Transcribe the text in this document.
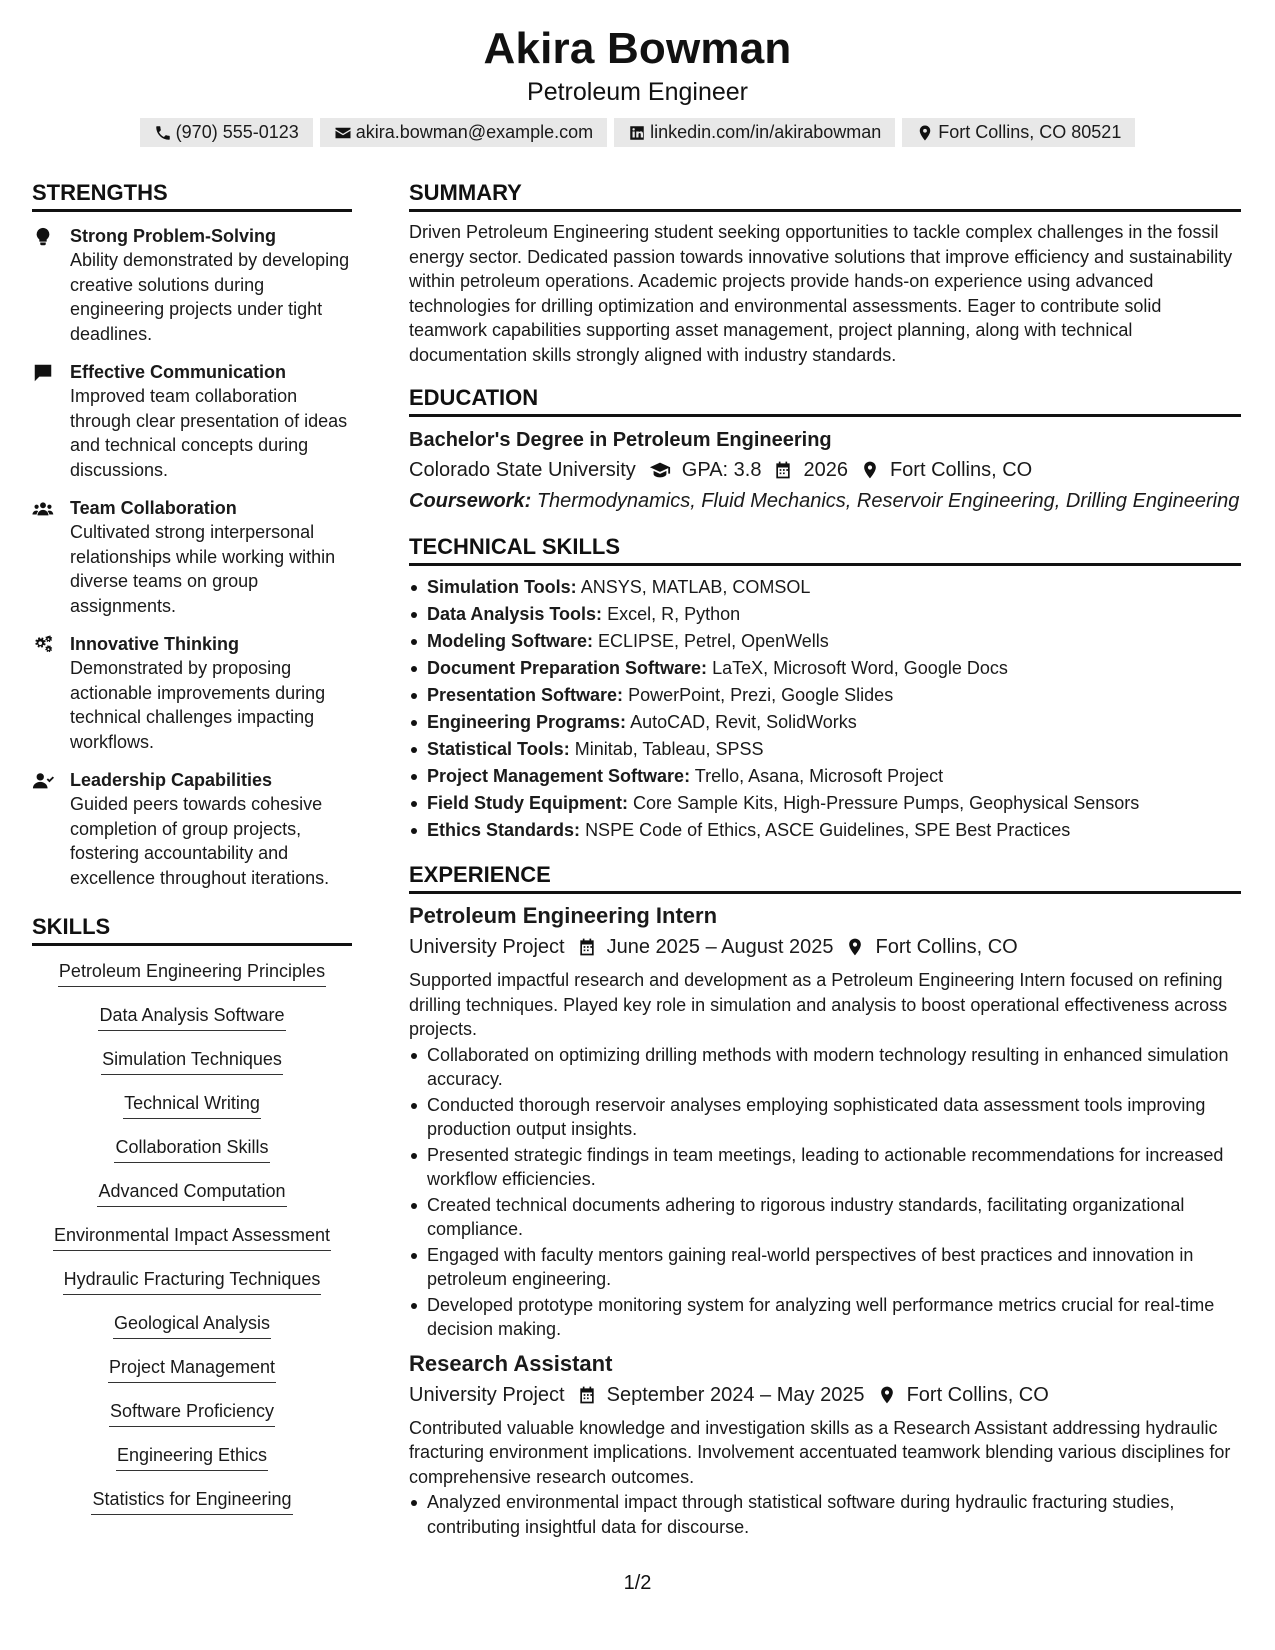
Akira Bowman
Petroleum Engineer
(970) 555-0123	akira.bowman@example.com	linkedin.com/in/akirabowman	Fort Collins, CO 80521
STRENGTHS
Strong Problem-Solving
Ability demonstrated by developing creative solutions during engineering projects under tight deadlines.
Effective Communication
Improved team collaboration through clear presentation of ideas and technical concepts during discussions.
Team Collaboration
Cultivated strong interpersonal relationships while working within diverse teams on group assignments.
Innovative Thinking
Demonstrated by proposing actionable improvements during technical challenges impacting workflows.
Leadership Capabilities
Guided peers towards cohesive completion of group projects, fostering accountability and excellence throughout iterations.
SKILLS
Petroleum Engineering Principles
Data Analysis Software
Simulation Techniques
Technical Writing
Collaboration Skills
Advanced Computation
Environmental Impact Assessment
Hydraulic Fracturing Techniques
Geological Analysis
Project Management
Software Proficiency
Engineering Ethics
Statistics for Engineering
SUMMARY
Driven Petroleum Engineering student seeking opportunities to tackle complex challenges in the fossil energy sector. Dedicated passion towards innovative solutions that improve efficiency and sustainability within petroleum operations. Academic projects provide hands-on experience using advanced technologies for drilling optimization and environmental assessments. Eager to contribute solid teamwork capabilities supporting asset management, project planning, along with technical documentation skills strongly aligned with industry standards.
EDUCATION
Bachelor's Degree in Petroleum Engineering
Colorado State University GPA: 3.8 2026 Fort Collins, CO
Coursework: Thermodynamics, Fluid Mechanics, Reservoir Engineering, Drilling Engineering
TECHNICAL SKILLS
Simulation Tools: ANSYS, MATLAB, COMSOL
Data Analysis Tools: Excel, R, Python
Modeling Software: ECLIPSE, Petrel, OpenWells
Document Preparation Software: LaTeX, Microsoft Word, Google Docs
Presentation Software: PowerPoint, Prezi, Google Slides
Engineering Programs: AutoCAD, Revit, SolidWorks
Statistical Tools: Minitab, Tableau, SPSS
Project Management Software: Trello, Asana, Microsoft Project
Field Study Equipment: Core Sample Kits, High-Pressure Pumps, Geophysical Sensors
Ethics Standards: NSPE Code of Ethics, ASCE Guidelines, SPE Best Practices
EXPERIENCE
Petroleum Engineering Intern
University Project June 2025 – August 2025 Fort Collins, CO
Supported impactful research and development as a Petroleum Engineering Intern focused on refining drilling techniques. Played key role in simulation and analysis to boost operational effectiveness across projects.
Collaborated on optimizing drilling methods with modern technology resulting in enhanced simulation accuracy.
Conducted thorough reservoir analyses employing sophisticated data assessment tools improving production output insights.
Presented strategic findings in team meetings, leading to actionable recommendations for increased workflow efficiencies.
Created technical documents adhering to rigorous industry standards, facilitating organizational compliance.
Engaged with faculty mentors gaining real-world perspectives of best practices and innovation in petroleum engineering.
Developed prototype monitoring system for analyzing well performance metrics crucial for real-time decision making.
Research Assistant
University Project September 2024 – May 2025 Fort Collins, CO
Contributed valuable knowledge and investigation skills as a Research Assistant addressing hydraulic fracturing environment implications. Involvement accentuated teamwork blending various disciplines for comprehensive research outcomes.
Analyzed environmental impact through statistical software during hydraulic fracturing studies, contributing insightful data for discourse.
1/2
